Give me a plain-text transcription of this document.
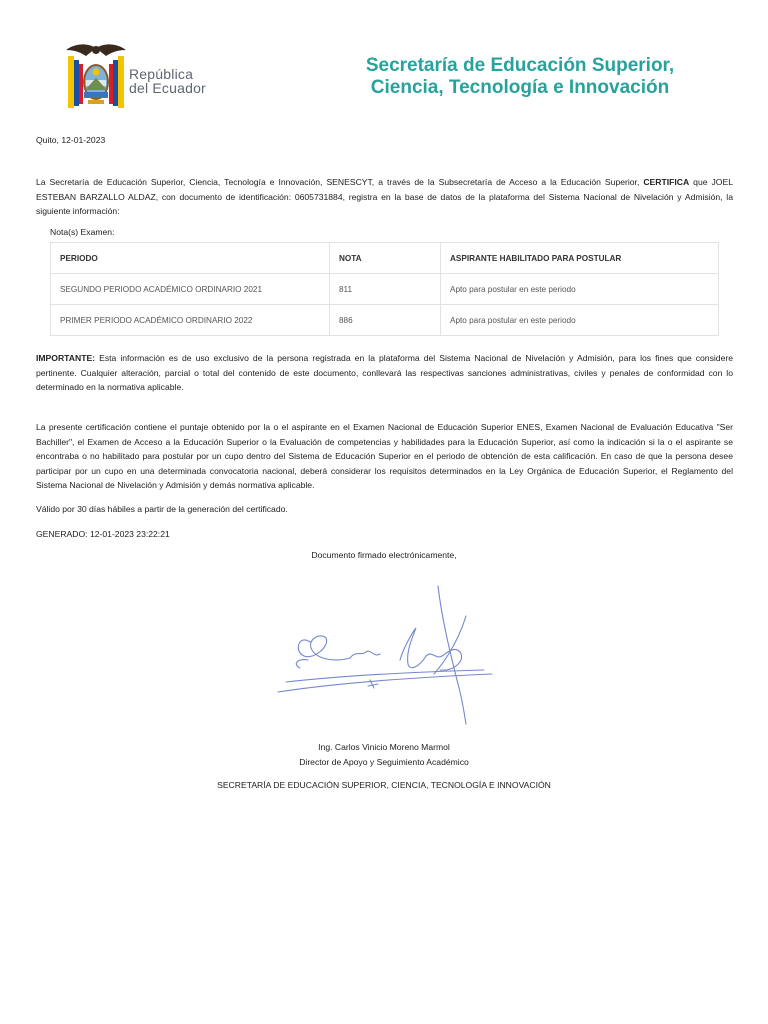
República
del Ecuador
Secretaría de Educación Superior,
Ciencia, Tecnología e Innovación
Quito, 12-01-2023
La Secretaría de Educación Superior, Ciencia, Tecnología e Innovación, SENESCYT, a través de la Subsecretaría de Acceso a la Educación Superior, CERTIFICA que JOEL ESTEBAN BARZALLO ALDAZ, con documento de identificación: 0605731884, registra en la base de datos de la plataforma del Sistema Nacional de Nivelación y Admisión, la siguiente información:
Nota(s) Examen:
PERIODO	NOTA	ASPIRANTE HABILITADO PARA POSTULAR
SEGUNDO PERIODO ACADÉMICO ORDINARIO 2021	811	Apto para postular en este periodo
PRIMER PERIODO ACADÉMICO ORDINARIO 2022	886	Apto para postular en este periodo
IMPORTANTE: Esta información es de uso exclusivo de la persona registrada en la plataforma del Sistema Nacional de Nivelación y Admisión, para los fines que considere pertinente. Cualquier alteración, parcial o total del contenido de este documento, conllevará las respectivas sanciones administrativas, civiles y penales de conformidad con lo determinado en la normativa aplicable.
La presente certificación contiene el puntaje obtenido por la o el aspirante en el Examen Nacional de Educación Superior ENES, Examen Nacional de Evaluación Educativa "Ser Bachiller", el Examen de Acceso a la Educación Superior o la Evaluación de competencias y habilidades para la Educación Superior, así como la indicación si la o el aspirante se encontraba o no habilitado para postular por un cupo dentro del Sistema de Educación Superior en el periodo de obtención de esta calificación. En caso de que la persona desee participar por un cupo en una determinada convocatoria nacional, deberá considerar los requisitos determinados en la Ley Orgánica de Educación Superior, el Reglamento del Sistema Nacional de Nivelación y Admisión y demás normativa aplicable.
Válido por 30 días hábiles a partir de la generación del certificado.
GENERADO: 12-01-2023 23:22:21
Documento firmado electrónicamente,
Ing. Carlos Vinicio Moreno Marmol
Director de Apoyo y Seguimiento Académico
SECRETARÍA DE EDUCACIÓN SUPERIOR, CIENCIA, TECNOLOGÍA E INNOVACIÓN
